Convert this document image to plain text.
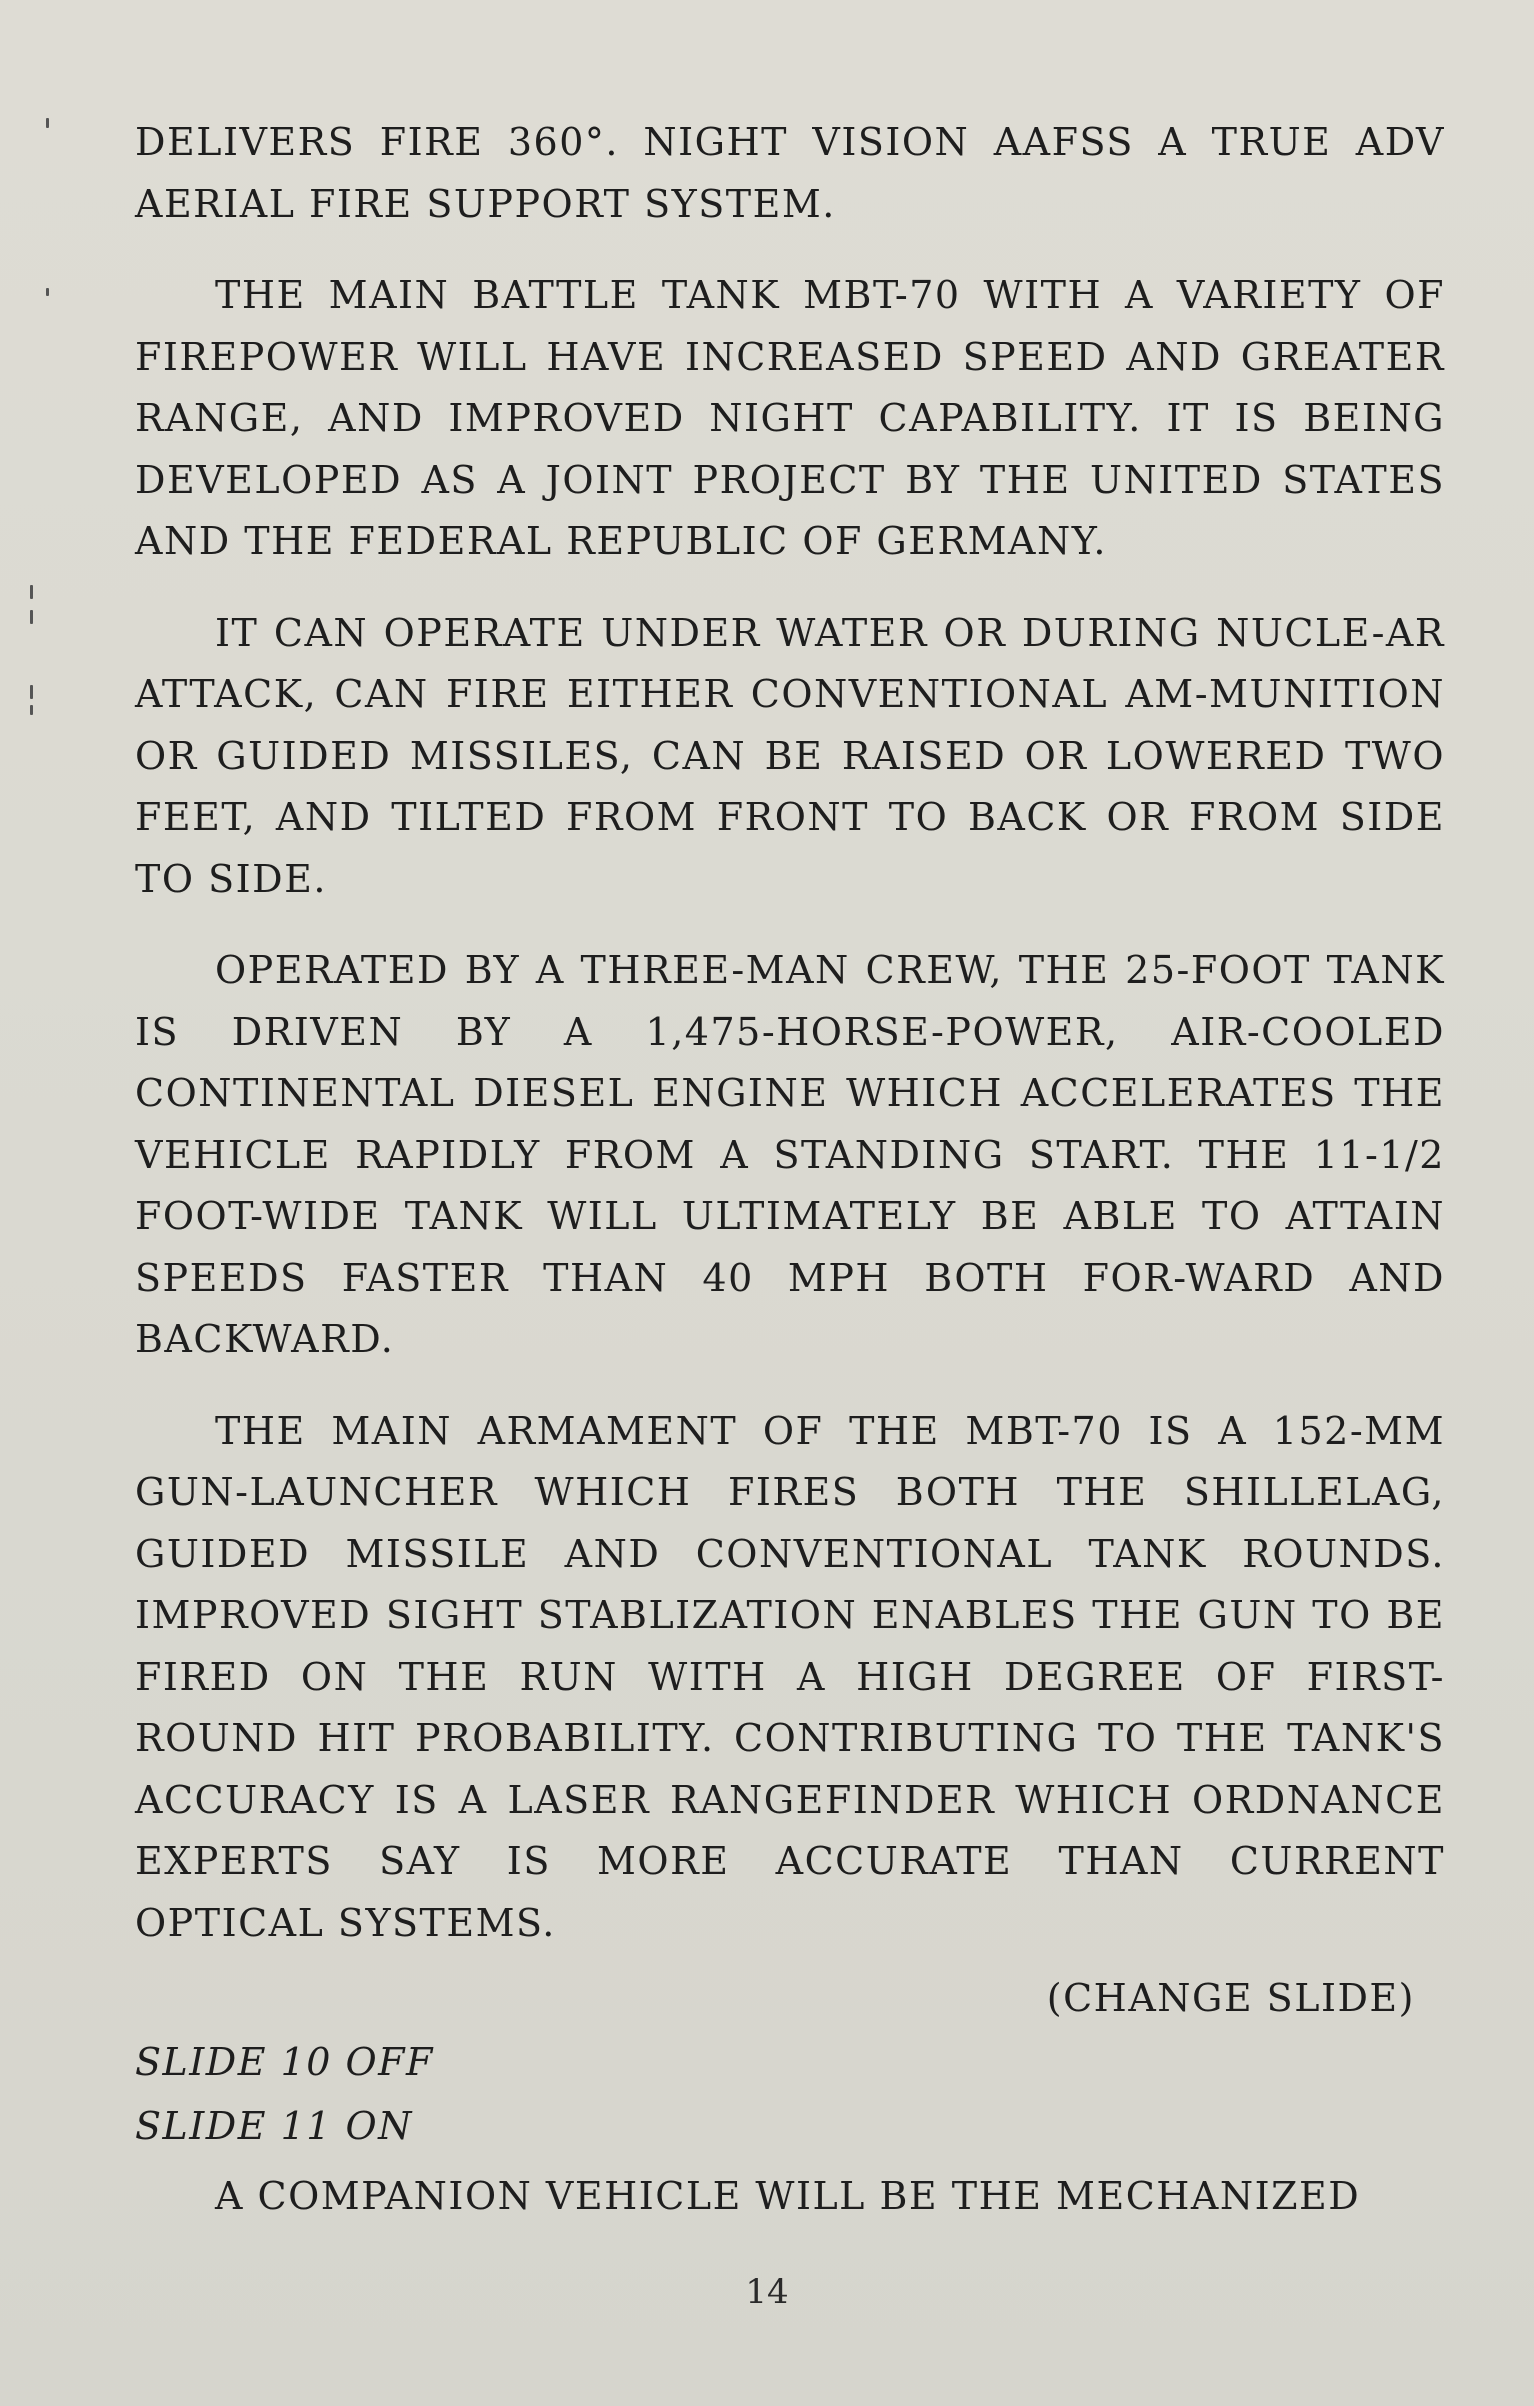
DELIVERS FIRE 360°. NIGHT VISION AAFSS A TRUE ADV AERIAL FIRE SUPPORT SYSTEM.

THE MAIN BATTLE TANK MBT-70 WITH A VARIETY OF FIREPOWER WILL HAVE INCREASED SPEED AND GREATER RANGE, AND IMPROVED NIGHT CAPABILITY. IT IS BEING DEVELOPED AS A JOINT PROJECT BY THE UNITED STATES AND THE FEDERAL REPUBLIC OF GERMANY.

IT CAN OPERATE UNDER WATER OR DURING NUCLE-AR ATTACK, CAN FIRE EITHER CONVENTIONAL AM-MUNITION OR GUIDED MISSILES, CAN BE RAISED OR LOWERED TWO FEET, AND TILTED FROM FRONT TO BACK OR FROM SIDE TO SIDE.

OPERATED BY A THREE-MAN CREW, THE 25-FOOT TANK IS DRIVEN BY A 1,475-HORSE-POWER, AIR-COOLED CONTINENTAL DIESEL ENGINE WHICH ACCELERATES THE VEHICLE RAPIDLY FROM A STANDING START. THE 11-1/2 FOOT-WIDE TANK WILL ULTIMATELY BE ABLE TO ATTAIN SPEEDS FASTER THAN 40 MPH BOTH FOR-WARD AND BACKWARD.

THE MAIN ARMAMENT OF THE MBT-70 IS A 152-MM GUN-LAUNCHER WHICH FIRES BOTH THE SHILLELAG, GUIDED MISSILE AND CONVENTIONAL TANK ROUNDS. IMPROVED SIGHT STABLIZATION ENABLES THE GUN TO BE FIRED ON THE RUN WITH A HIGH DEGREE OF FIRST-ROUND HIT PROBABILITY. CONTRIBUTING TO THE TANK'S ACCURACY IS A LASER RANGEFINDER WHICH ORDNANCE EXPERTS SAY IS MORE ACCURATE THAN CURRENT OPTICAL SYSTEMS.

(CHANGE SLIDE)

SLIDE 10 OFF

SLIDE 11 ON

A COMPANION VEHICLE WILL BE THE MECHANIZED

14
